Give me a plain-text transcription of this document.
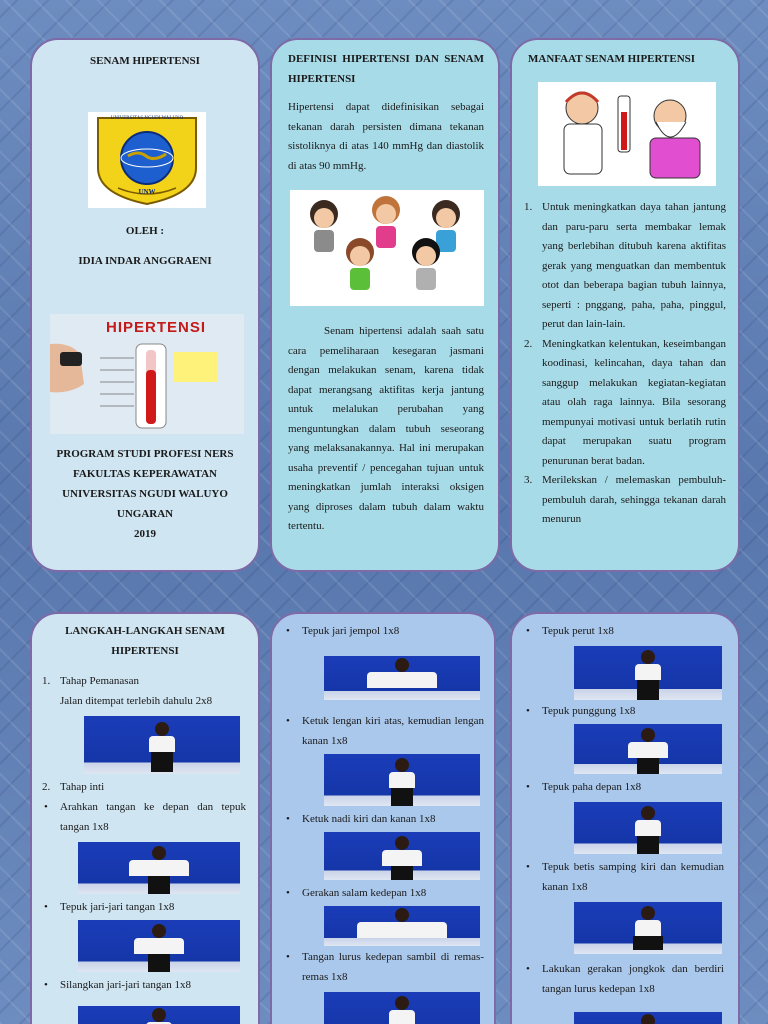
SENAM HIPERTENSI
UNW
UNIVERSITAS NGUDI WALUYO
OLEH :
IDIA INDAR ANGGRAENI
HIPERTENSI
PROGRAM STUDI PROFESI NERS
FAKULTAS KEPERAWATAN
UNIVERSITAS NGUDI WALUYO
UNGARAN
2019
DEFINISI HIPERTENSI DAN SENAM HIPERTENSI
Hipertensi dapat didefinisikan sebagai tekanan darah persisten dimana tekanan sistoliknya di atas 140 mmHg dan diastolik di atas 90 mmHg.
Senam hipertensi adalah saah satu cara pemeliharaan kesegaran jasmani dengan melakukan senam, karena tidak dapat merangsang aktifitas kerja jantung untuk melalukan perubahan yang menguntungkan dalam tubuh seseorang yang melaksanakannya. Hal ini merupakan usaha preventif / pencegahan tujuan untuk meningkatkan jumlah interaksi oksigen yang diproses dalam tubuh dalam waktu tertentu.
MANFAAT SENAM HIPERTENSI
1. Untuk meningkatkan daya tahan jantung dan paru-paru serta membakar lemak yang berlebihan ditubuh karena aktifitas gerak yang menguatkan dan membentuk otot dan beberapa bagian tubuh lainnya, seperti : pnggang, paha, paha, pinggul, perut dan lain-lain.
2. Meningkatkan kelentukan, keseimbangan koodinasi, kelincahan, daya tahan dan sanggup melakukan kegiatan-kegiatan atau olah raga lainnya. Bila sesorang mempunyai motivasi untuk berlatih rutin dapat merupakan suatu program penurunan berat badan.
3. Merilekskan / melemaskan pembuluh-pembuluh darah, sehingga tekanan darah menurun
LANGKAH-LANGKAH SENAM HIPERTENSI
1. Tahap Pemanasan
Jalan ditempat terlebih dahulu 2x8
2. Tahap inti
• Arahkan tangan ke depan dan tepuk tangan 1x8
• Tepuk jari-jari tangan 1x8
• Silangkan jari-jari tangan 1x8
• Tepuk jari jempol 1x8
• Ketuk lengan kiri atas, kemudian lengan kanan 1x8
• Ketuk nadi kiri dan kanan 1x8
• Gerakan salam kedepan 1x8
• Tangan lurus kedepan sambil di remas-remas 1x8
• Tepuk perut 1x8
• Tepuk punggung 1x8
• Tepuk paha depan 1x8
• Tepuk betis samping kiri dan kemudian kanan 1x8
• Lakukan gerakan jongkok dan berdiri tangan lurus kedepan 1x8
